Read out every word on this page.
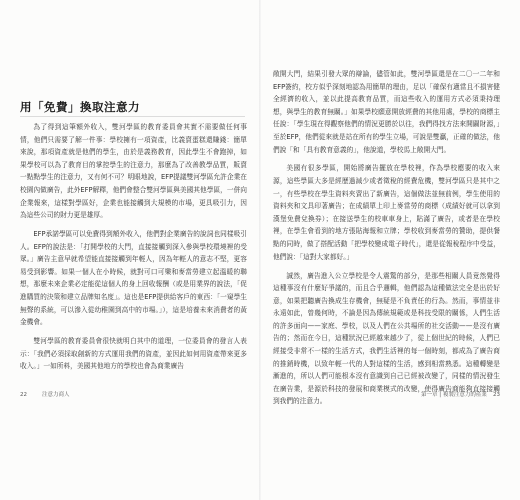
用「免費」換取注意力

為了得到這筆額外收入，雙河學區的教育委員會其實不需要做任何事情，他們只需要了解一件事：學校擁有一項資產，比義賣蛋糕還賺錢：簡單來說，那項資產就是他們的學生，由於是義務教育，因此學生不會跑掉，如果學校可以為了教育目的掌控學生的注意力，那麼為了改善教學品質，販賣一點點學生的注意力，又有何不可？明眼地說，EFP提議雙河學區允許企業在校園內做廣告，此外EFP解釋，他們會整合雙河學區與美國其他學區，一併向企業報來，這樣對學區好，企業也能接觸到大規模的市場，更具吸引力，因為這些公司的財力更是雄厚。

EFP承諾學區可以免費得到額外收入，他們對企業廣告的說詞也同樣吸引人。EFP的說法是：「打開學校的大門，直接接觸到深入參與學校環境裡的受眾。」廣告主意早就希望能直接接觸到年輕人，因為年輕人的意志不堅，更容易受到影響。如果一個人在小時候，就對可口可樂和麥當勞建立起溫暖的聯想，那麼未來企業必定能從這個人的身上回收報酬（或是用業界的說法，「促進購買的決策和建立品牌知名度」。這也是EFP提供給客戶的東西：「一窺學生無聲的系統，可以滲入從幼稚園到高中的市場。」），這是培養未來消費者的黃金機會。

雙河學區的教育委員會很快就明白其中的道理，一位委員會的發言人表示：「我們必須採取創新的方式運用我們的資產，並因此如何用資產帶來更多收入。」一如所料，美國其他地方的學校也會為商業廣告

22	注意力商人

敞開大門，結果引發大眾的辯論，儘管如此，雙河學區還是在二〇一二年和EFP簽約，校方似乎深刻地認為用簡單的理由，足以「確保有適當且不損害健全經濟的收入，並以此提高教育品質，而這些收入的運用方式必須秉持理想，與學生的教育無關。」如果學校願意開放經費的其他用處，學校的商標主任說：「學生現在得觀察他們的情況更勝於以往，我們得找方法來開闢財源，」至於EFP，他們從來就是站在所有的學生立場，可說是雙贏，正確的做法，他們說「和「具有教育意義的」，他說道，學校馬上敞開大門。

美國有很多學區，開始將廣告擺放在學校裡，作為學校應要的收入來源，這些學區大多是經歷過減少或者徵稅的經費危機，雙河學區只是其中之一，有些學校在學生資料夾賣出了新廣告，這個做法並無前例，學生使用的資料夾和文具印著廣告；在成績單上印上麥當勞的商標（成績好就可以拿到漢堡免費兌換券）；在接送學生的校車車身上，貼滿了廣告，或者是在學校裡，在學生會看到的地方張貼海報和立牌；學校收到麥當勞的贊助，提供餐點的同時，做了搭配活動「把學校變成電子時代」，還是從報稅程序中受益，他們說：「這對大家都好。」

誠然，廣告進入公立學校是令人震驚的部分，是那些相關人員竟然覺得這種事沒有什麼好爭議的，而且合乎邏輯，他們認為這種做法完全是出於好意，如果把聽廣告換成生存機會，無疑是不負責任的行為。然而，事情並非永遠如此，曾幾何時，不論是因為傳統規範或是科技受限的關係，人們生活的許多面向——家庭、學校，以及人們在公共場所的社交活動——是沒有廣告的；然而在今日，這種狀況已經越來越少了，從上個世紀的時候，人們已經接受非常不一樣的生活方式，我們生活裡的每一個時刻，都成為了廣告商的推銷時機，以致年輕一代的人對這樣的生活，感到相當熟悉。這種轉變是漸進的，所以人們可能根本沒有意識到自己已經被改變了，同樣的情況發生在廣告業，是源於科技的發展和商業模式的改變，使得廣告商能夠直接接觸到我們的注意力。

第一章 | 複製注意力的產業 23
